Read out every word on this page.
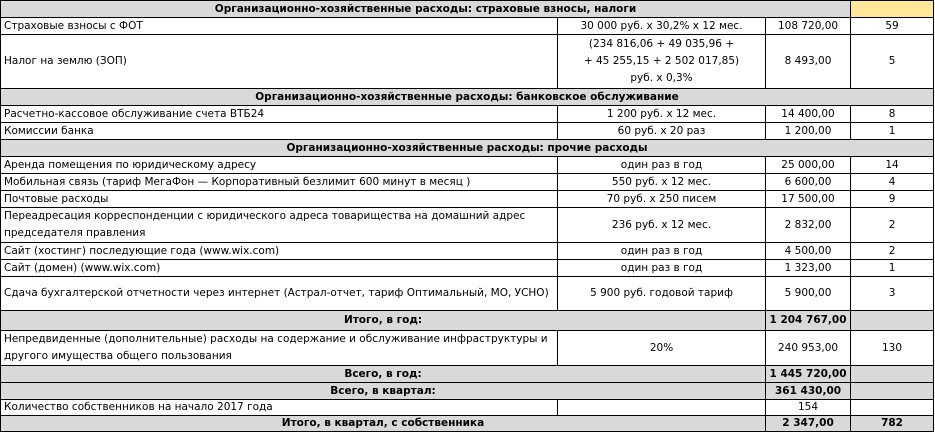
Организационно-хозяйственные расходы: страховые взносы, налоги			
Страховые взносы с ФОТ	30 000 руб. х 30,2% х 12 мес.	108 720,00	59
Налог на землю (ЗОП)	(234 816,06 + 49 035,96 +
+ 45 255,15 + 2 502 017,85)
руб. х 0,3%	8 493,00	5
Организационно-хозяйственные расходы: банковское обслуживание			
Расчетно-кассовое обслуживание счета ВТБ24	1 200 руб. х 12 мес.	14 400,00	8
Комиссии банка	60 руб. х 20 раз	1 200,00	1
Организационно-хозяйственные расходы: прочие расходы			
Аренда помещения по юридическому адресу	один раз в год	25 000,00	14
Мобильная связь (тариф МегаФон — Корпоративный безлимит 600 минут в месяц )	550 руб. х 12 мес.	6 600,00	4
Почтовые расходы	70 руб. х 250 писем	17 500,00	9
Переадресация корреспонденции с юридического адреса товарищества на домашний адрес председателя правления	236 руб. х 12 мес.	2 832,00	2
Сайт (хостинг) последующие года (www.wix.com)	один раз в год	4 500,00	2
Сайт (домен) (www.wix.com)	один раз в год	1 323,00	1
Сдача бухгалтерской отчетности через интернет (Астрал-отчет, тариф Оптимальный, МО, УСНО)	5 900 руб. годовой тариф	5 900,00	3
Итого, в год:		1 204 767,00	
Непредвиденные (дополнительные) расходы на содержание и обслуживание инфраструктуры и другого имущества общего пользования	20%	240 953,00	130
Всего, в год:		1 445 720,00	
Всего, в квартал:		361 430,00	
Количество собственников на начало 2017 года		154	
Итого, в квартал, с собственника		2 347,00	782
